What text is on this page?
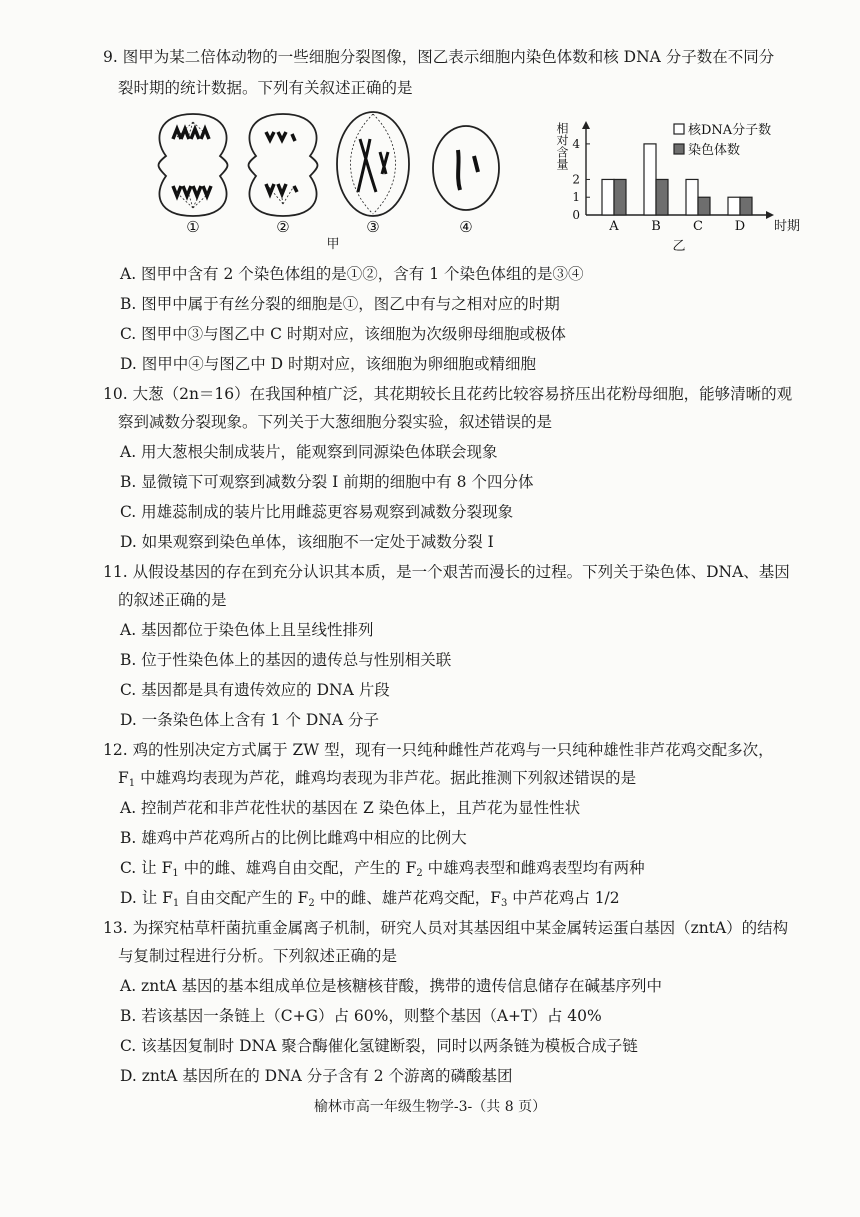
9. 图甲为某二倍体动物的一些细胞分裂图像，图乙表示细胞内染色体数和核 DNA 分子数在不同分
裂时期的统计数据。下列有关叙述正确的是
①	②	③	④
甲
0
1
2
4
相对含量
A	B C D 时期
核DNA分子数
染色体数
乙
A. 图甲中含有 2 个染色体组的是①②，含有 1 个染色体组的是③④
B. 图甲中属于有丝分裂的细胞是①，图乙中有与之相对应的时期
C. 图甲中③与图乙中 C 时期对应，该细胞为次级卵母细胞或极体
D. 图甲中④与图乙中 D 时期对应，该细胞为卵细胞或精细胞
10. 大葱（2n＝16）在我国种植广泛，其花期较长且花药比较容易挤压出花粉母细胞，能够清晰的观
察到减数分裂现象。下列关于大葱细胞分裂实验，叙述错误的是
A. 用大葱根尖制成装片，能观察到同源染色体联会现象
B. 显微镜下可观察到减数分裂 I 前期的细胞中有 8 个四分体
C. 用雄蕊制成的装片比用雌蕊更容易观察到减数分裂现象
D. 如果观察到染色单体，该细胞不一定处于减数分裂 I
11. 从假设基因的存在到充分认识其本质，是一个艰苦而漫长的过程。下列关于染色体、DNA、基因
的叙述正确的是
A. 基因都位于染色体上且呈线性排列
B. 位于性染色体上的基因的遗传总与性别相关联
C. 基因都是具有遗传效应的 DNA 片段
D. 一条染色体上含有 1 个 DNA 分子
12. 鸡的性别决定方式属于 ZW 型，现有一只纯种雌性芦花鸡与一只纯种雄性非芦花鸡交配多次，
$F_1$ 中雄鸡均表现为芦花，雌鸡均表现为非芦花。据此推测下列叙述错误的是
A. 控制芦花和非芦花性状的基因在 Z 染色体上，且芦花为显性性状
B. 雄鸡中芦花鸡所占的比例比雌鸡中相应的比例大
C. 让 $F_1$ 中的雌、雄鸡自由交配，产生的 $F_2$ 中雄鸡表型和雌鸡表型均有两种
D. 让 $F_1$ 自由交配产生的 $F_2$ 中的雌、雄芦花鸡交配，$F_3$ 中芦花鸡占 1/2
13. 为探究枯草杆菌抗重金属离子机制，研究人员对其基因组中某金属转运蛋白基因（zntA）的结构
与复制过程进行分析。下列叙述正确的是
A. zntA 基因的基本组成单位是核糖核苷酸，携带的遗传信息储存在碱基序列中
B. 若该基因一条链上（C+G）占 60%，则整个基因（A+T）占 40%
C. 该基因复制时 DNA 聚合酶催化氢键断裂，同时以两条链为模板合成子链
D. zntA 基因所在的 DNA 分子含有 2 个游离的磷酸基团
榆林市高一年级生物学-3-（共 8 页）
